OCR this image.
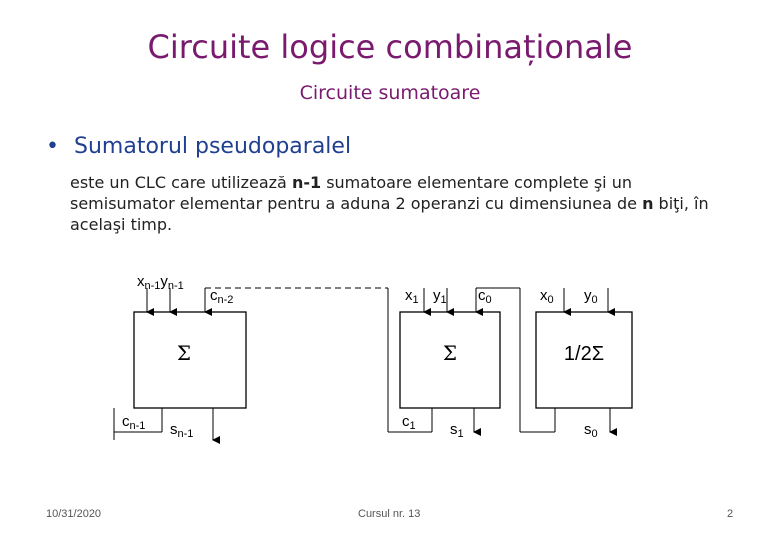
Circuite logice combinaționale
Circuite sumatoare
• Sumatorul pseudoparalel
este un CLC care utilizează n-1 sumatoare elementare complete şi un semisumator elementar pentru a aduna 2 operanzi cu dimensiunea de n biţi, în acelaşi timp.
Σ	Σ	1/2Σ
$x_{n-1}y_{n-1}$
$c_{n-2}$
$c_{n-1}$ $s_{n-1}$
$x_1$ $y_1$ $c_0$
$c_1$ $s_1$
$x_0$ $y_0$
$s_0$
10/31/2020	Cursul nr. 13	2
